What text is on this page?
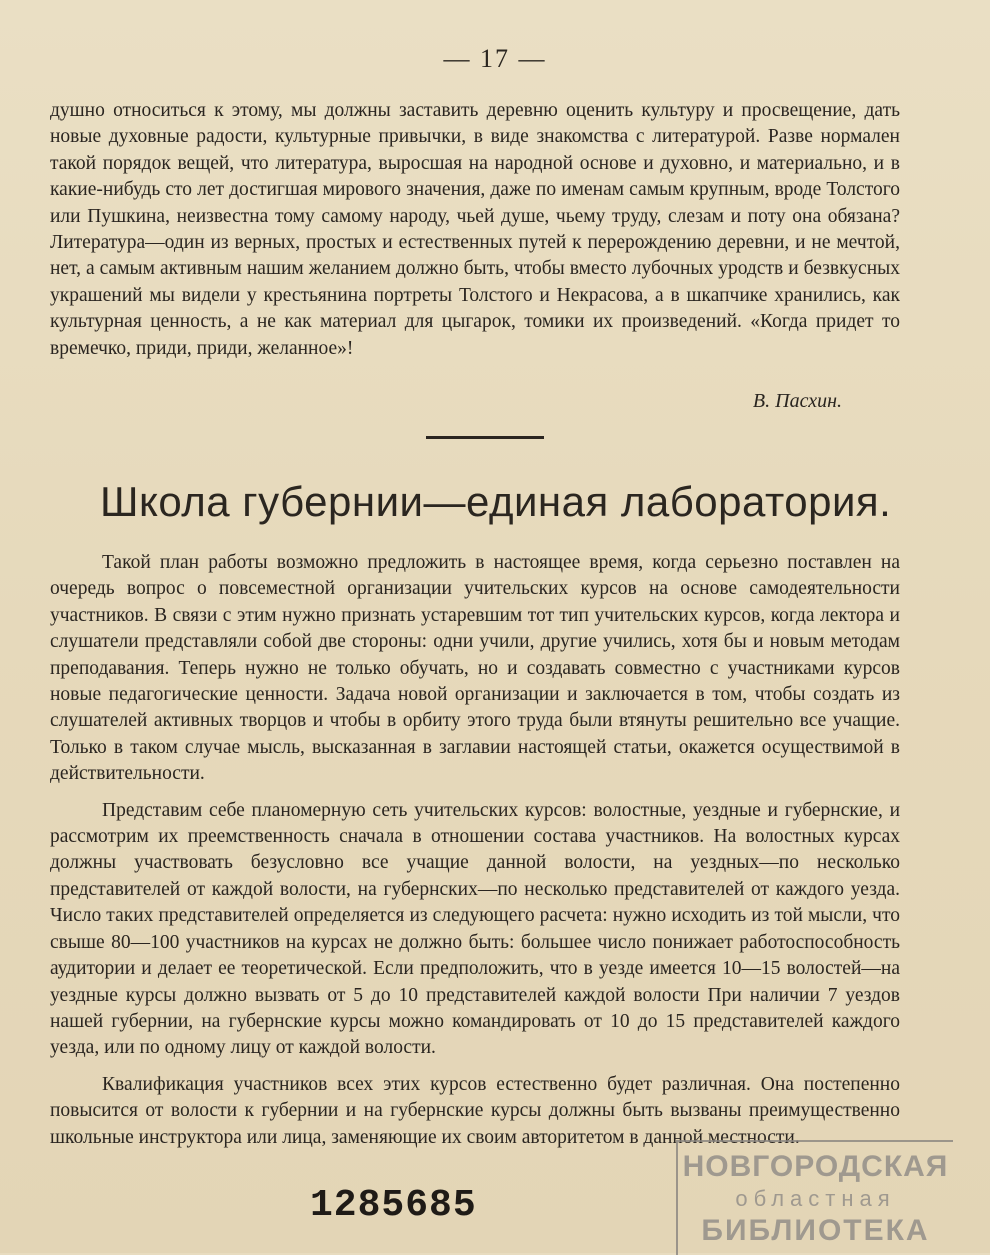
— 17 —

душно относиться к этому, мы должны заставить деревню оценить культуру и просвещение, дать новые духовные радости, культурные привычки, в виде знакомства с литературой. Разве нормален такой порядок вещей, что литература, выросшая на народной основе и духовно, и материально, и в какие-нибудь сто лет достигшая мирового значения, даже по именам самым крупным, вроде Толстого или Пушкина, неизвестна тому самому народу, чьей душе, чьему труду, слезам и поту она обязана? Литература—один из верных, простых и естественных путей к перерождению деревни, и не мечтой, нет, а самым активным нашим желанием должно быть, чтобы вместо лубочных уродств и безвкусных украшений мы видели у крестьянина портреты Толстого и Некрасова, а в шкапчике хранились, как культурная ценность, а не как материал для цыгарок, томики их произведений. «Когда придет то времечко, приди, приди, желанное»!

В. Пасхин.
Школа губернии—единая лаборатория.

Такой план работы возможно предложить в настоящее время, когда серьезно поставлен на очередь вопрос о повсеместной организации учительских курсов на основе самодеятельности участников. В связи с этим нужно признать устаревшим тот тип учительских курсов, когда лектора и слушатели представляли собой две стороны: одни учили, другие учились, хотя бы и новым методам преподавания. Теперь нужно не только обучать, но и создавать совместно с участниками курсов новые педагогические ценности. Задача новой организации и заключается в том, чтобы создать из слушателей активных творцов и чтобы в орбиту этого труда были втянуты решительно все учащие. Только в таком случае мысль, высказанная в заглавии настоящей статьи, окажется осуществимой в действительности.

Представим себе планомерную сеть учительских курсов: волостные, уездные и губернские, и рассмотрим их преемственность сначала в отношении состава участников. На волостных курсах должны участвовать безусловно все учащие данной волости, на уездных—по несколько представителей от каждой волости, на губернских—по несколько представителей от каждого уезда. Число таких представителей определяется из следующего расчета: нужно исходить из той мысли, что свыше 80—100 участников на курсах не должно быть: большее число понижает работоспособность аудитории и делает ее теоретической. Если предположить, что в уезде имеется 10—15 волостей—на уездные курсы должно вызвать от 5 до 10 представителей каждой волости При наличии 7 уездов нашей губернии, на губернские курсы можно командировать от 10 до 15 представителей каждого уезда, или по одному лицу от каждой волости.

Квалификация участников всех этих курсов естественно будет различная. Она постепенно повысится от волости к губернии и на губернские курсы должны быть вызваны преимущественно школьные инструктора или лица, заменяющие их своим авторитетом в данной местности.

1285685
НОВГОРОДСКАЯ
областная
БИБЛИОТЕКА
